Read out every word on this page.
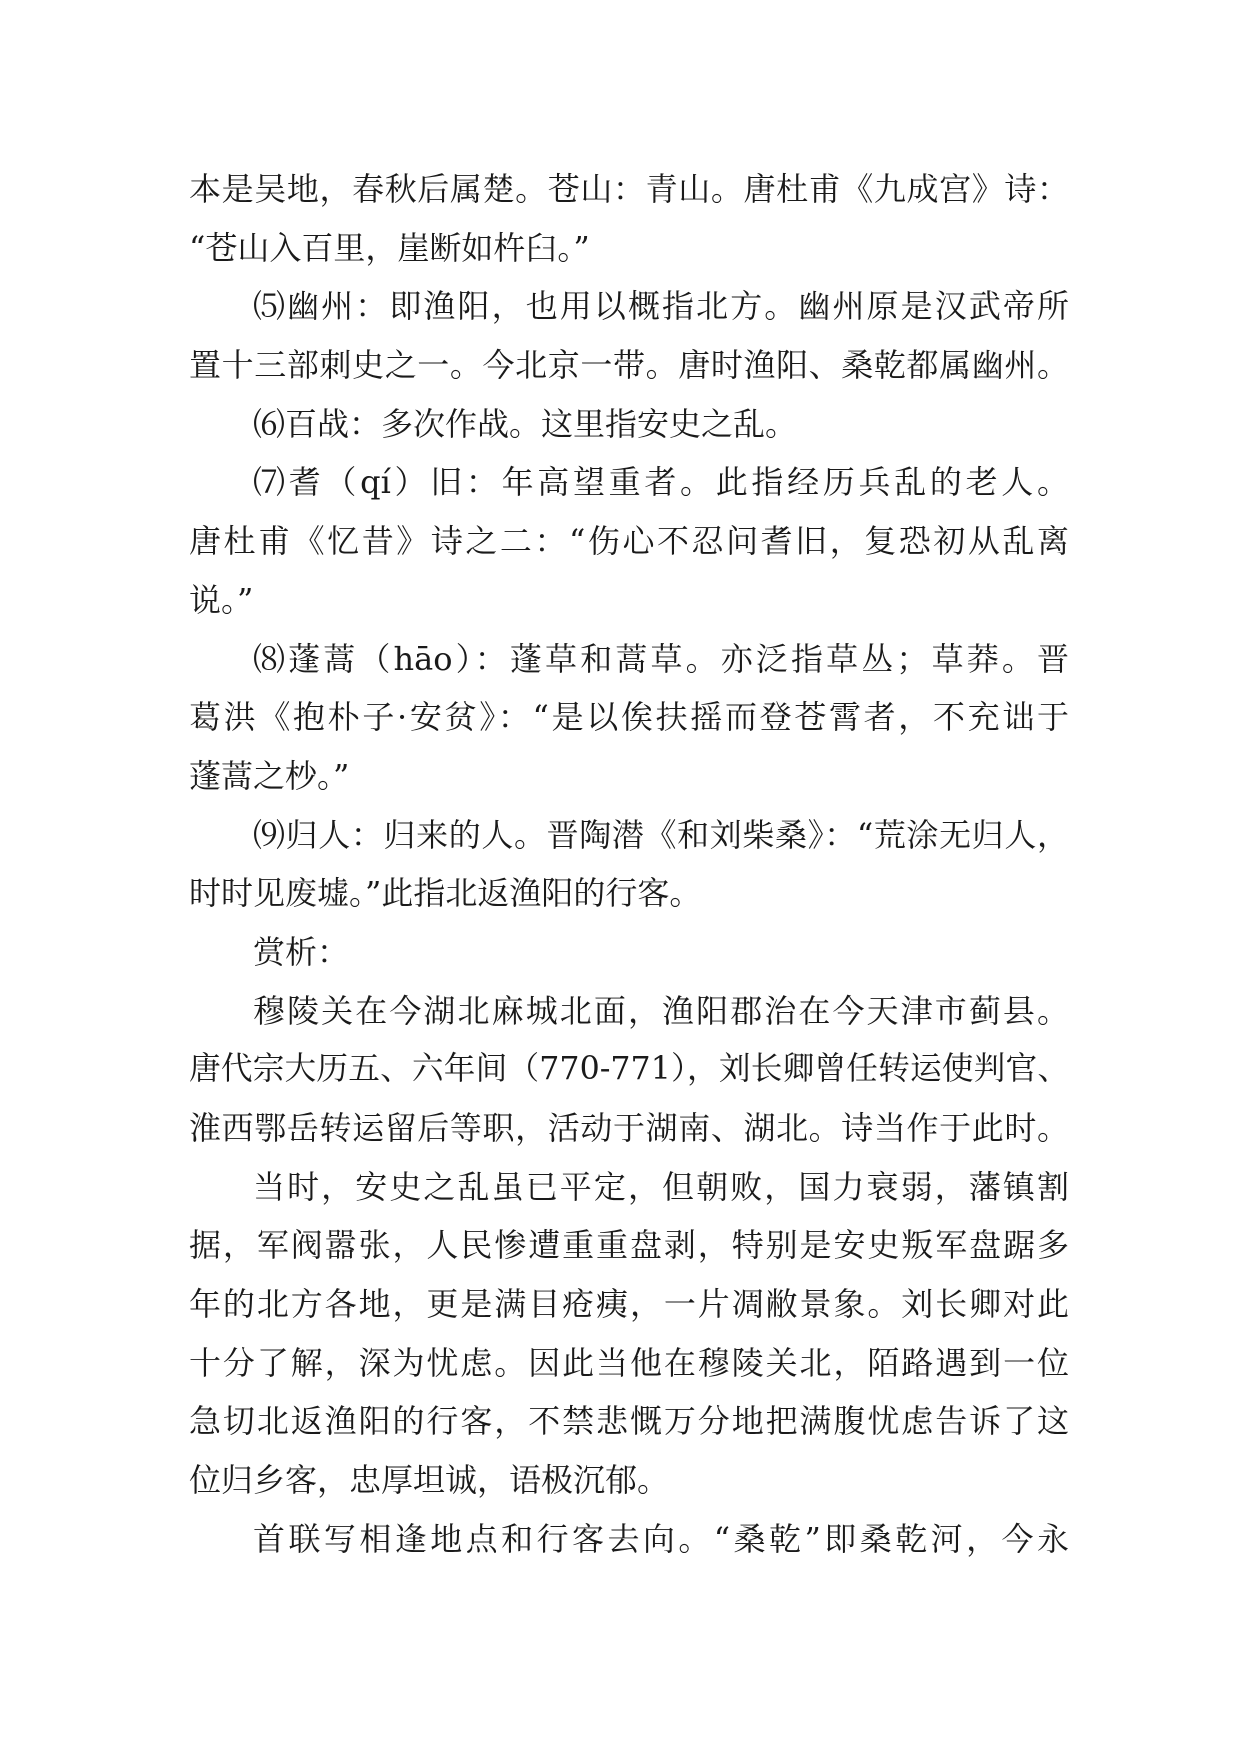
本是吴地，春秋后属楚。苍山：青山。唐杜甫《九成宫》诗：
“苍山入百里，崖断如杵臼。”
⑸幽州：即渔阳，也用以概指北方。幽州原是汉武帝所
置十三部刺史之一。今北京一带。唐时渔阳、桑乾都属幽州。
⑹百战：多次作战。这里指安史之乱。
⑺耆（qí）旧：年高望重者。此指经历兵乱的老人。
唐杜甫《忆昔》诗之二：“伤心不忍问耆旧，复恐初从乱离
说。”
⑻蓬蒿（hāo）：蓬草和蒿草。亦泛指草丛；草莽。晋
葛洪《抱朴子·安贫》：“是以俟扶摇而登苍霄者，不充诎于
蓬蒿之杪。”
⑼归人：归来的人。晋陶潜《和刘柴桑》：“荒涂无归人，
时时见废墟。”此指北返渔阳的行客。
赏析：
穆陵关在今湖北麻城北面，渔阳郡治在今天津市蓟县。
唐代宗大历五、六年间（770-771），刘长卿曾任转运使判官、
淮西鄂岳转运留后等职，活动于湖南、湖北。诗当作于此时。
当时，安史之乱虽已平定，但朝败，国力衰弱，藩镇割
据，军阀嚣张，人民惨遭重重盘剥，特别是安史叛军盘踞多
年的北方各地，更是满目疮痍，一片凋敝景象。刘长卿对此
十分了解，深为忧虑。因此当他在穆陵关北，陌路遇到一位
急切北返渔阳的行客，不禁悲慨万分地把满腹忧虑告诉了这
位归乡客，忠厚坦诚，语极沉郁。
首联写相逢地点和行客去向。“桑乾”即桑乾河，今永
